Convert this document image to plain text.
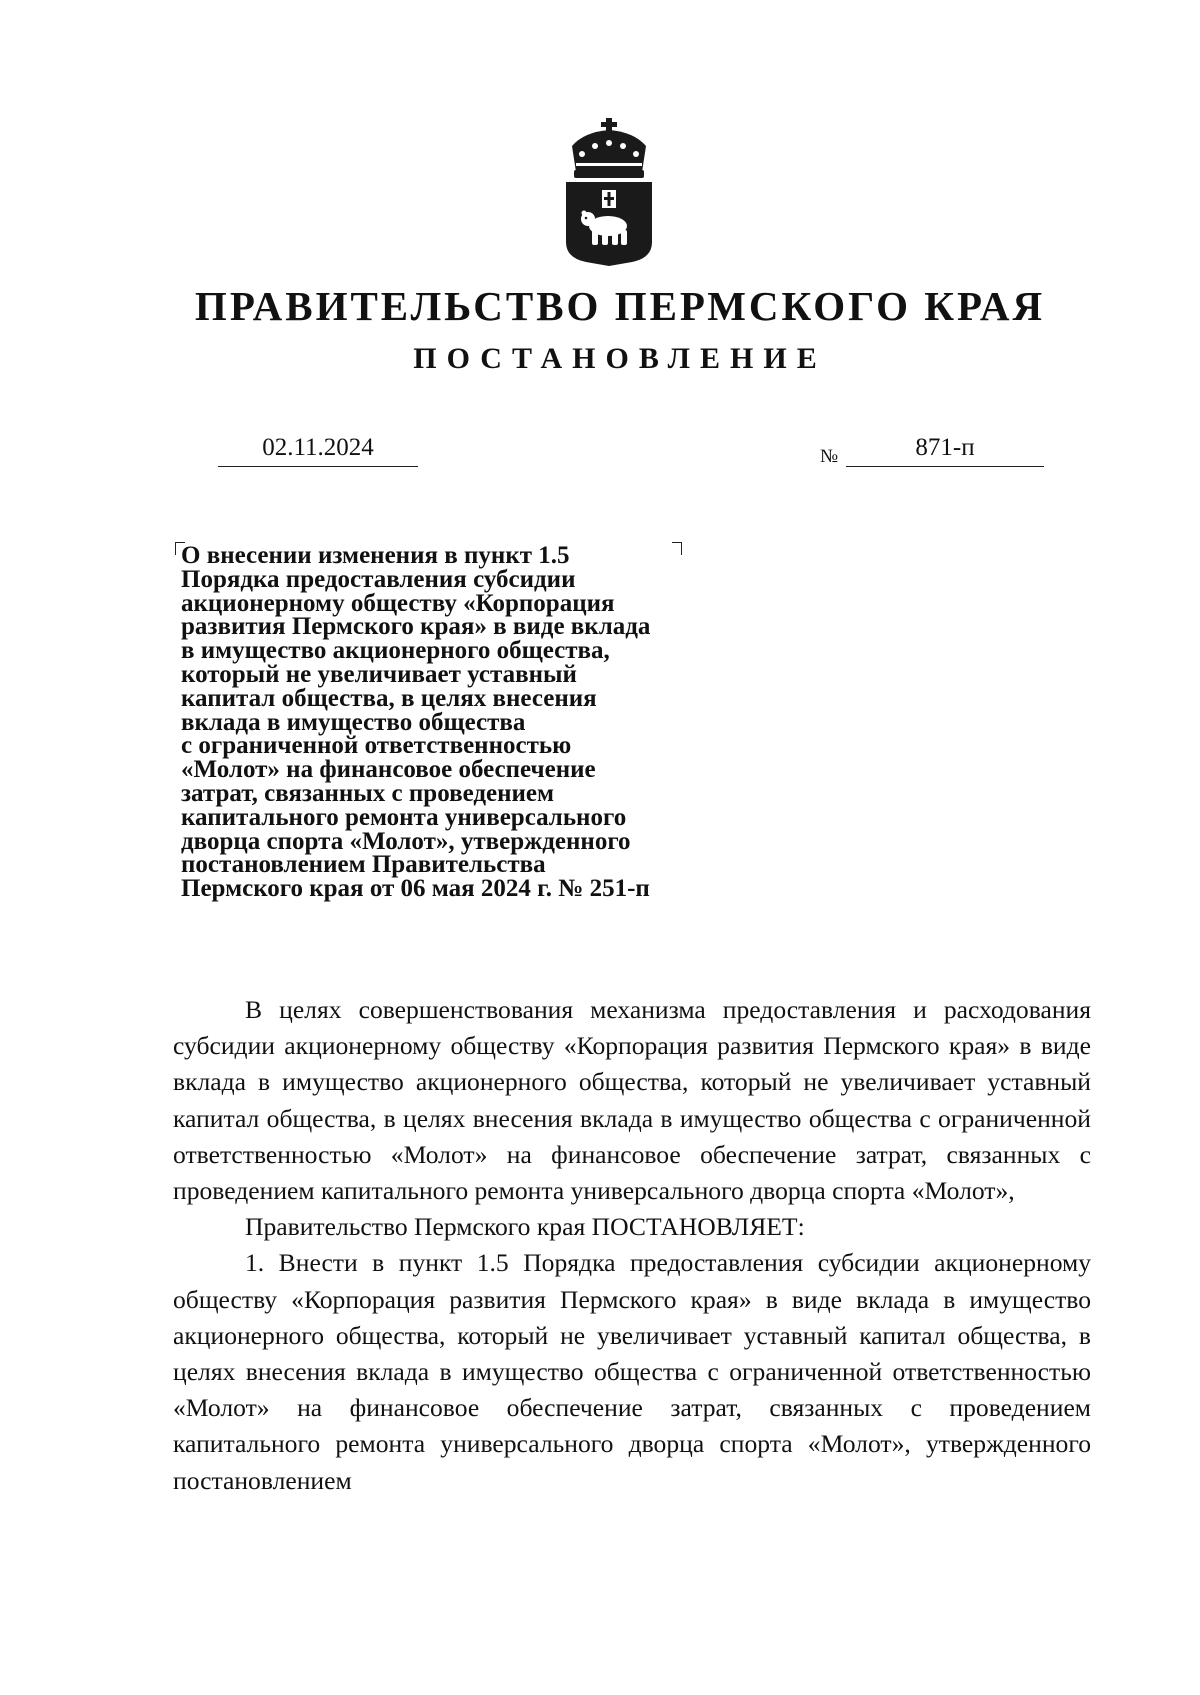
ПРАВИТЕЛЬСТВО ПЕРМСКОГО КРАЯ
ПОСТАНОВЛЕНИЕ
02.11.2024	№	871-п

О внесении изменения в пункт 1.5
Порядка предоставления субсидии
акционерному обществу «Корпорация
развития Пермского края» в виде вклада
в имущество акционерного общества,
который не увеличивает уставный
капитал общества, в целях внесения
вклада в имущество общества
с ограниченной ответственностью
«Молот» на финансовое обеспечение
затрат, связанных с проведением
капитального ремонта универсального
дворца спорта «Молот», утвержденного
постановлением Правительства
Пермского края от 06 мая 2024 г. № 251-п

В целях совершенствования механизма предоставления и расходования субсидии акционерному обществу «Корпорация развития Пермского края» в виде вклада в имущество акционерного общества, который не увеличивает уставный капитал общества, в целях внесения вклада в имущество общества с ограниченной ответственностью «Молот» на финансовое обеспечение затрат, связанных с проведением капитального ремонта универсального дворца спорта «Молот»,

Правительство Пермского края ПОСТАНОВЛЯЕТ:

1. Внести в пункт 1.5 Порядка предоставления субсидии акционерному обществу «Корпорация развития Пермского края» в виде вклада в имущество акционерного общества, который не увеличивает уставный капитал общества, в целях внесения вклада в имущество общества с ограниченной ответственностью «Молот» на финансовое обеспечение затрат, связанных с проведением капитального ремонта универсального дворца спорта «Молот», утвержденного постановлением
